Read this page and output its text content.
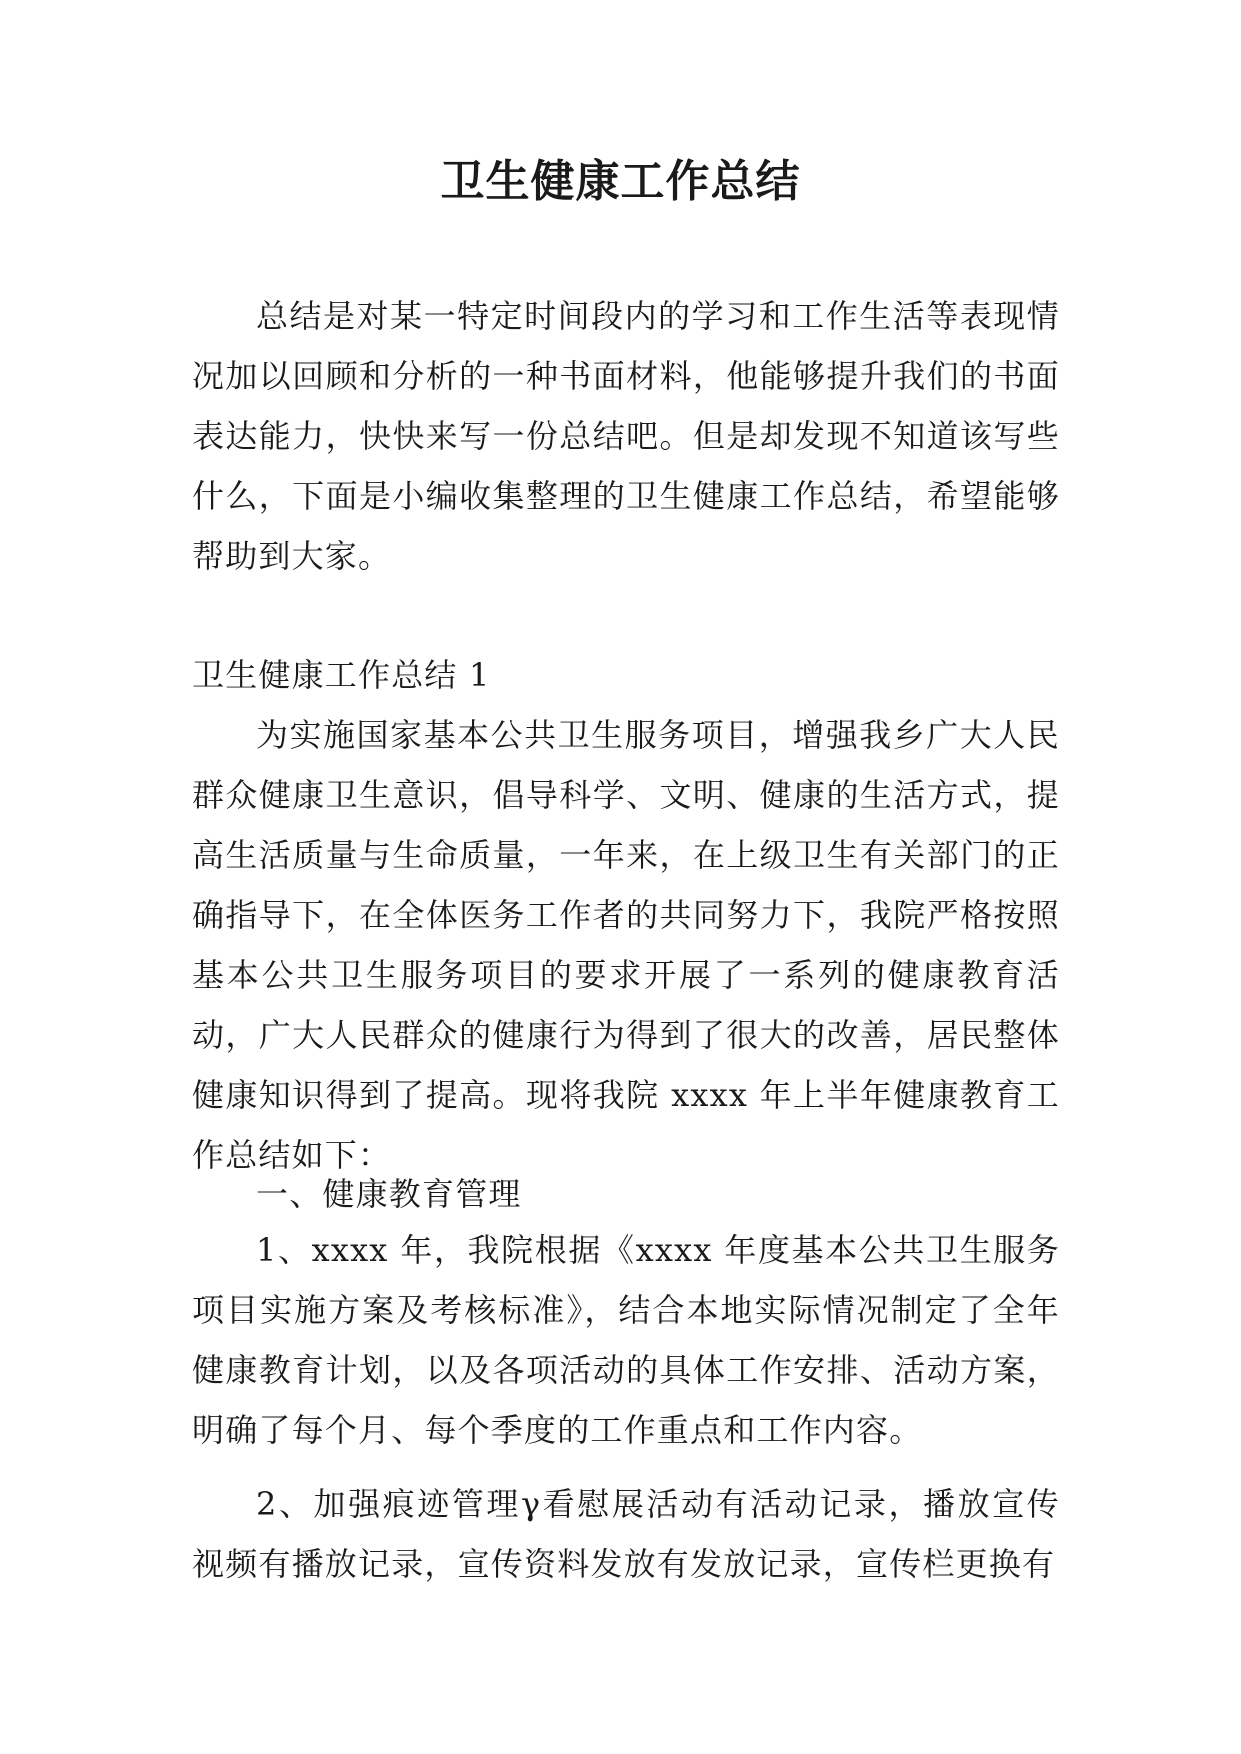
卫生健康工作总结

总结是对某一特定时间段内的学习和工作生活等表现情况加以回顾和分析的一种书面材料，他能够提升我们的书面表达能力，快快来写一份总结吧。但是却发现不知道该写些什么，下面是小编收集整理的卫生健康工作总结，希望能够帮助到大家。

卫生健康工作总结 1

为实施国家基本公共卫生服务项目，增强我乡广大人民群众健康卫生意识，倡导科学、文明、健康的生活方式，提高生活质量与生命质量，一年来，在上级卫生有关部门的正确指导下，在全体医务工作者的共同努力下，我院严格按照基本公共卫生服务项目的要求开展了一系列的健康教育活动，广大人民群众的健康行为得到了很大的改善，居民整体健康知识得到了提高。现将我院 xxxx 年上半年健康教育工作总结如下：

一、健康教育管理

1、xxxx 年，我院根据《xxxx 年度基本公共卫生服务项目实施方案及考核标准》，结合本地实际情况制定了全年健康教育计划，以及各项活动的具体工作安排、活动方案，明确了每个月、每个季度的工作重点和工作内容。

2、加强痕迹管理γ看慰展活动有活动记录，播放宣传视频有播放记录，宣传资料发放有发放记录，宣传栏更换有
